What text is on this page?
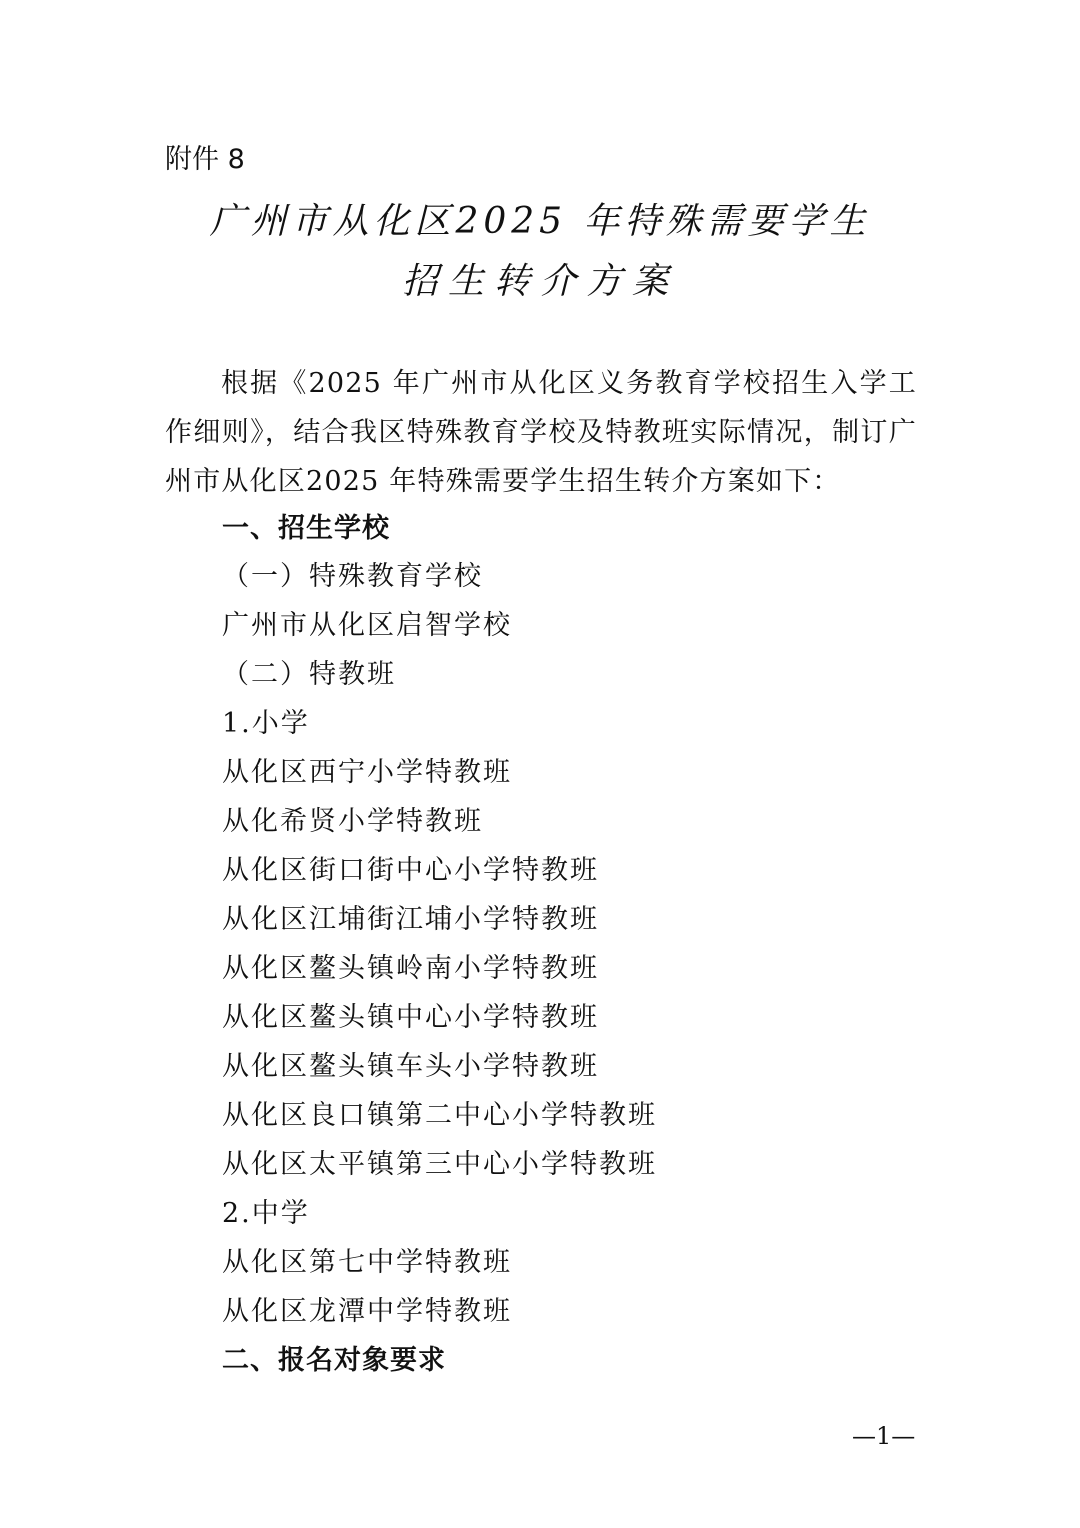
附件 8
广州市从化区2025 年特殊需要学生
招生转介方案
根据《2025 年广州市从化区义务教育学校招生入学工作细则》，结合我区特殊教育学校及特教班实际情况，制订广州市从化区2025 年特殊需要学生招生转介方案如下：
一、招生学校
（一）特殊教育学校
广州市从化区启智学校
（二）特教班
1.小学
从化区西宁小学特教班
从化希贤小学特教班
从化区街口街中心小学特教班
从化区江埔街江埔小学特教班
从化区鳌头镇岭南小学特教班
从化区鳌头镇中心小学特教班
从化区鳌头镇车头小学特教班
从化区良口镇第二中心小学特教班
从化区太平镇第三中心小学特教班
2.中学
从化区第七中学特教班
从化区龙潭中学特教班
二、报名对象要求
—1—
